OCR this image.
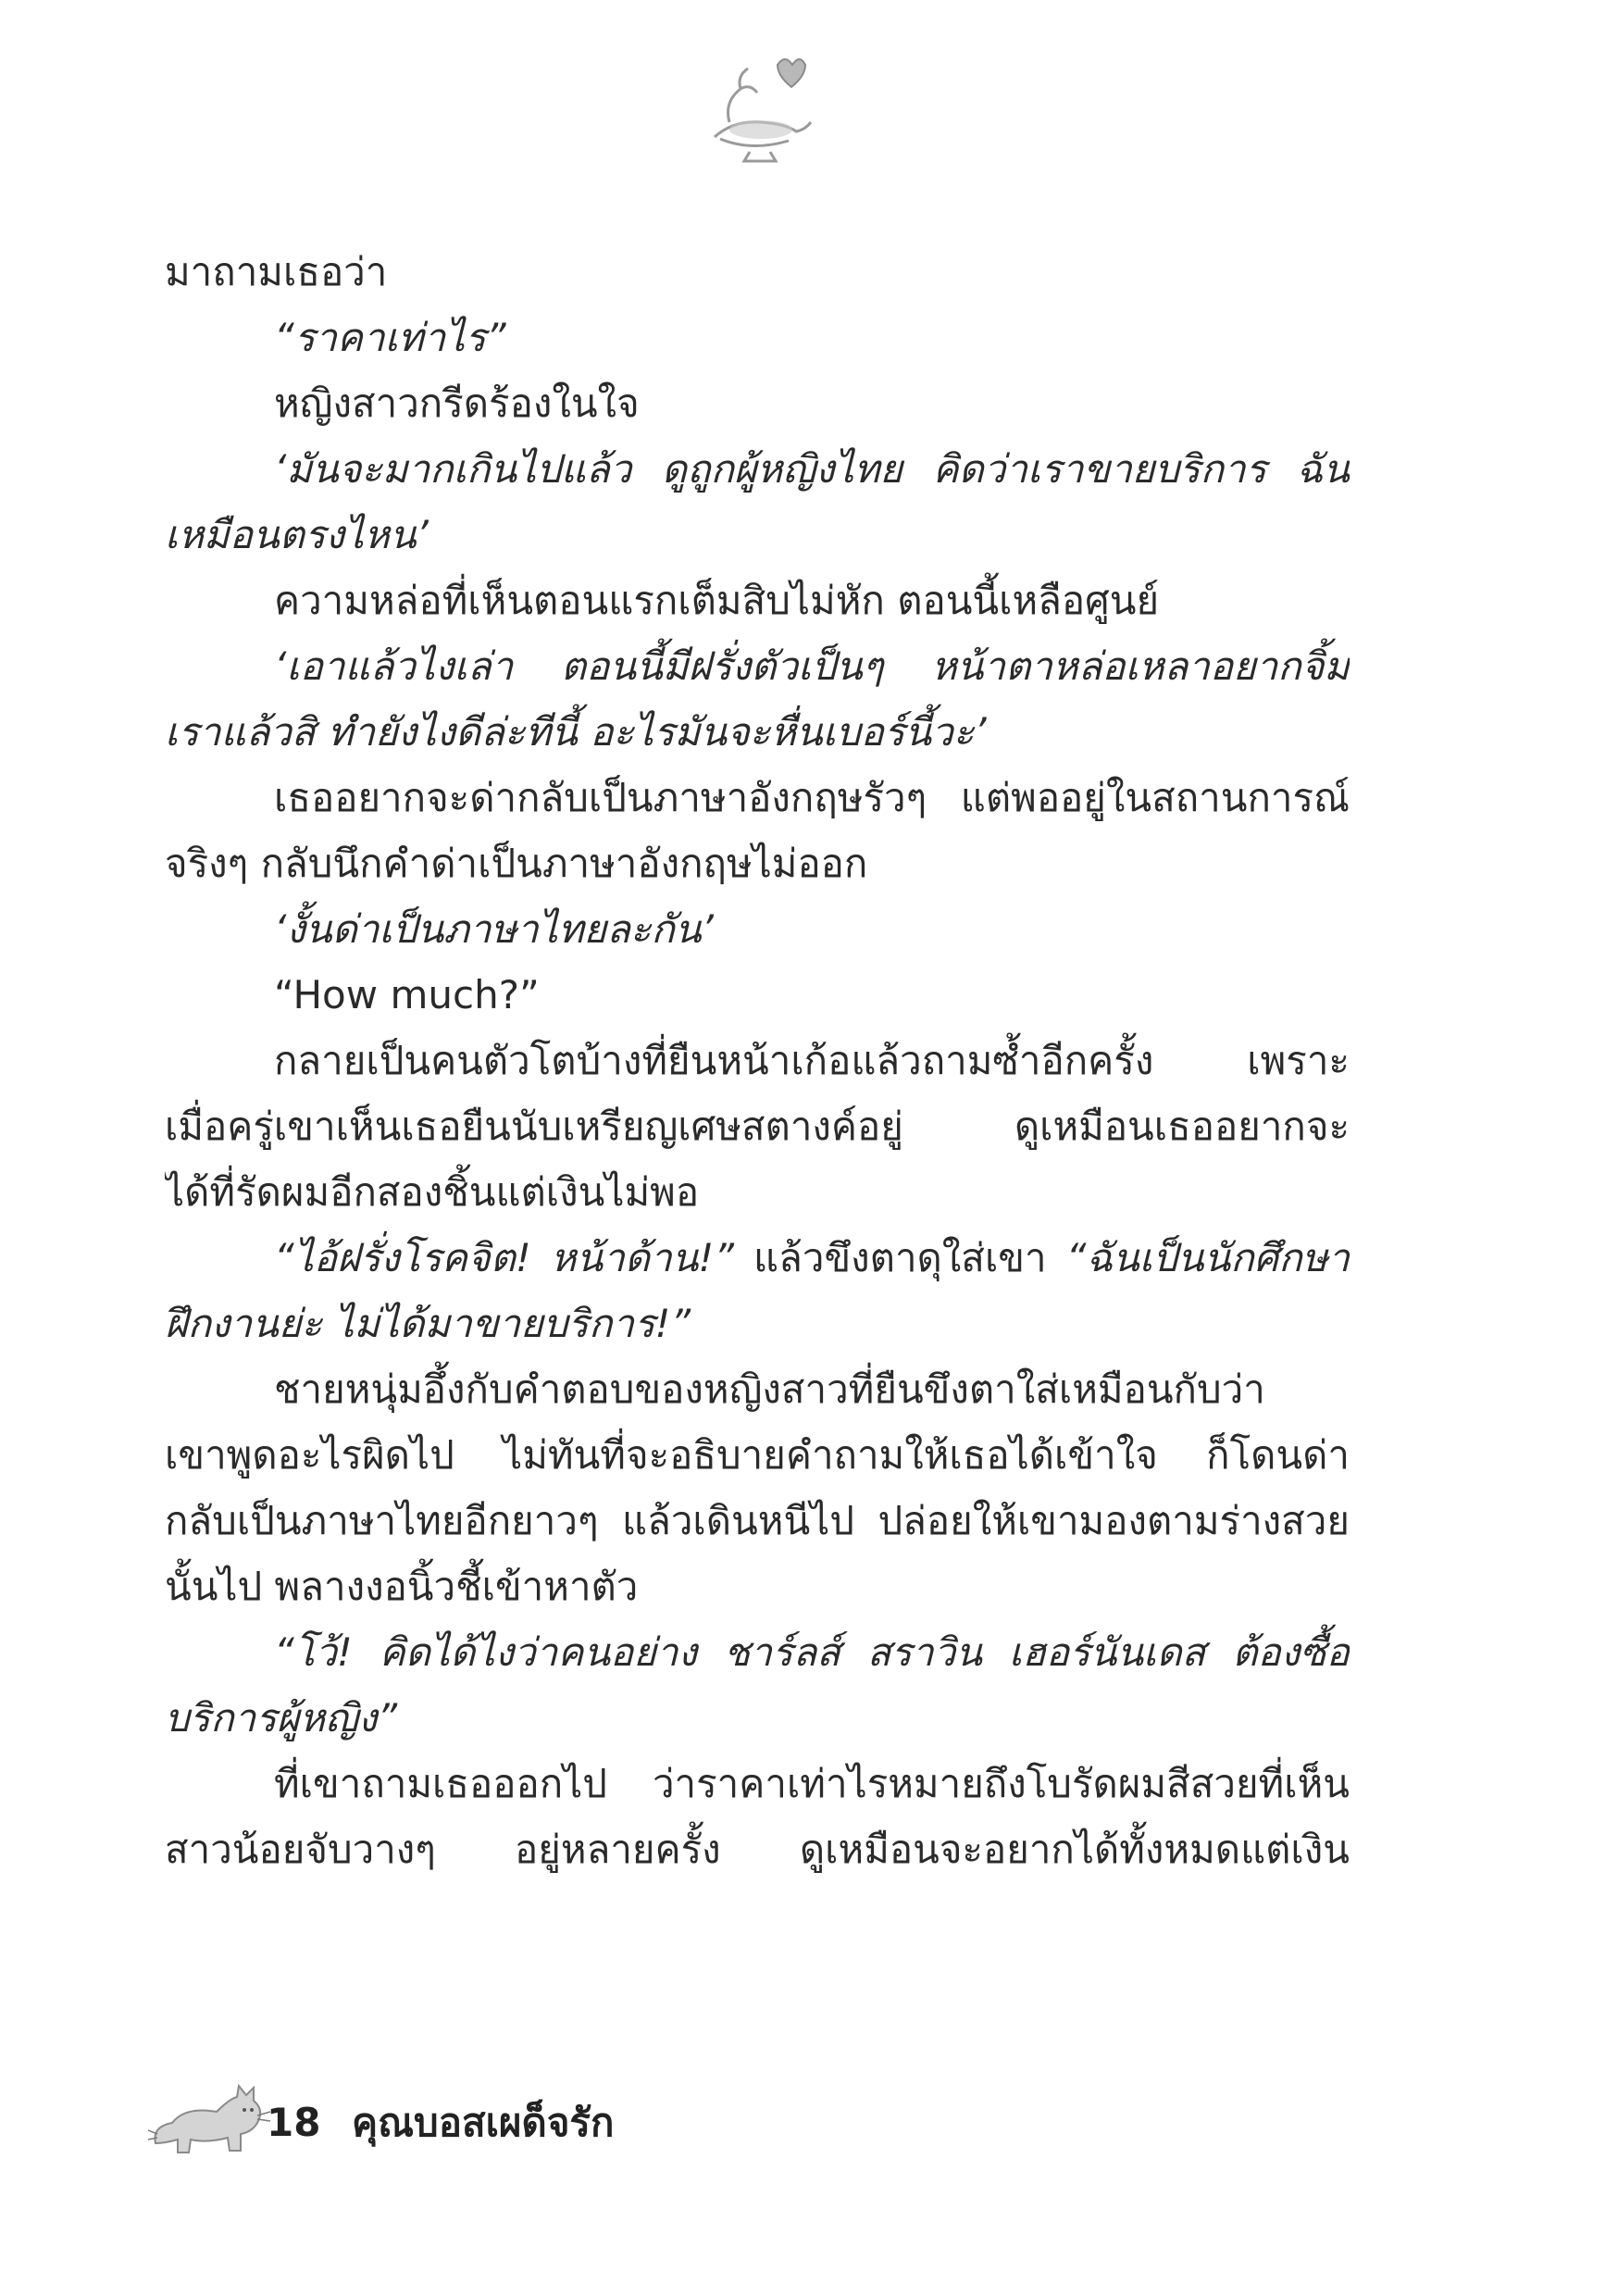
มาถามเธอว่า
“ราคาเท่าไร”
หญิงสาวกรีดร้องในใจ
‘มันจะมากเกินไปแล้ว ดูถูกผู้หญิงไทย คิดว่าเราขายบริการ ฉัน
เหมือนตรงไหน’
ความหล่อที่เห็นตอนแรกเต็มสิบไม่หัก ตอนนี้เหลือศูนย์
‘เอาแล้วไงเล่า ตอนนี้มีฝรั่งตัวเป็นๆ หน้าตาหล่อเหลาอยากจิ้ม
เราแล้วสิ ทำยังไงดีล่ะทีนี้ อะไรมันจะหื่นเบอร์นี้วะ’
เธออยากจะด่ากลับเป็นภาษาอังกฤษรัวๆ แต่พออยู่ในสถานการณ์
จริงๆ กลับนึกคำด่าเป็นภาษาอังกฤษไม่ออก
‘งั้นด่าเป็นภาษาไทยละกัน’
“How much?”
กลายเป็นคนตัวโตบ้างที่ยืนหน้าเก้อแล้วถามซ้ำอีกครั้ง เพราะ
เมื่อครู่เขาเห็นเธอยืนนับเหรียญเศษสตางค์อยู่ ดูเหมือนเธออยากจะ
ได้ที่รัดผมอีกสองชิ้นแต่เงินไม่พอ
“ไอ้ฝรั่งโรคจิต! หน้าด้าน!” แล้วขึงตาดุใส่เขา “ฉันเป็นนักศึกษา
ฝึกงานย่ะ ไม่ได้มาขายบริการ!”
ชายหนุ่มอึ้งกับคำตอบของหญิงสาวที่ยืนขึงตาใส่เหมือนกับว่า
เขาพูดอะไรผิดไป ไม่ทันที่จะอธิบายคำถามให้เธอได้เข้าใจ ก็โดนด่า
กลับเป็นภาษาไทยอีกยาวๆ แล้วเดินหนีไป ปล่อยให้เขามองตามร่างสวย
นั้นไป พลางงอนิ้วชี้เข้าหาตัว
“โว้! คิดได้ไงว่าคนอย่าง ชาร์ลส์ สราวิน เฮอร์นันเดส ต้องซื้อ
บริการผู้หญิง”
ที่เขาถามเธอออกไป ว่าราคาเท่าไรหมายถึงโบรัดผมสีสวยที่เห็น
สาวน้อยจับวางๆ อยู่หลายครั้ง ดูเหมือนจะอยากได้ทั้งหมดแต่เงิน
18 คุณบอสเผด็จรัก
